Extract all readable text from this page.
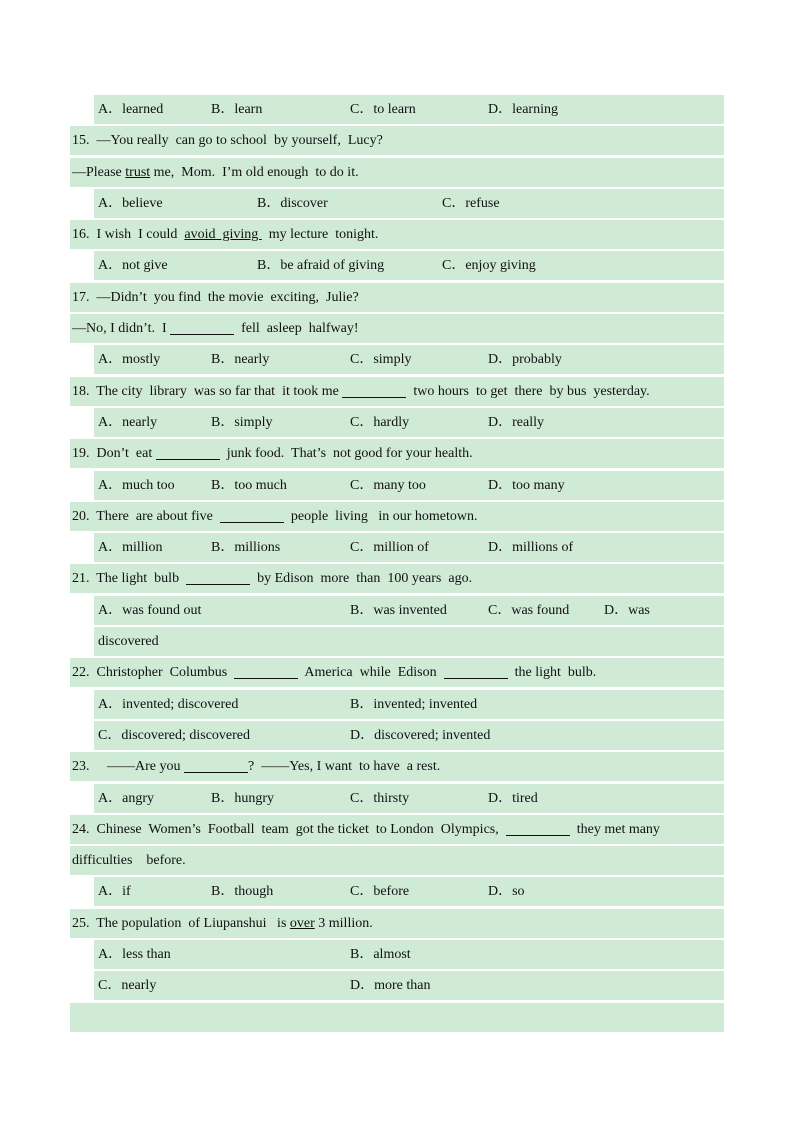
A．learned	B．learn	C．to learn	D．learning
15.  —You really  can go to school  by yourself,  Lucy?
—Please trust me,  Mom.  I’m old enough  to do it.
A．believe	B．discover	C．refuse
16.  I wish  I could  avoid  giving   my lecture  tonight.
A．not give	B．be afraid of giving	C．enjoy giving
17.  —Didn’t  you find  the movie  exciting,  Julie?
—No, I didn’t.  I	fell  asleep  halfway!
A．mostly	B．nearly	C．simply	D．probably
18.  The city  library  was so far that  it took me	two hours  to get  there  by bus  yesterday.
A．nearly	B．simply	C．hardly	D．really
19.  Don’t  eat	junk food.  That’s  not good for your health.
A．much too	B．too much	C．many too	D．too many
20.  There  are about five	people  living   in our hometown.
A．million	B．millions	C．million of	D．millions of
21.  The light  bulb	by Edison  more  than  100 years  ago.
A．was found out	B．was invented	C．was found D．was
discovered
22.  Christopher  Columbus	America  while  Edison	the light  bulb.
A．invented; discovered	B．invented; invented
C．discovered; discovered	D．discovered; invented
23.     ——Are you	?  ——Yes, I want  to have  a rest.
A．angry	B．hungry	C．thirsty	D．tired
24.  Chinese  Women’s  Football  team  got the ticket  to London  Olympics,	they met many
difficulties    before.
A．if	B．though	C．before	D．so
25.  The population  of Liupanshui   is over 3 million.
A．less than	B．almost
C．nearly	D．more than
